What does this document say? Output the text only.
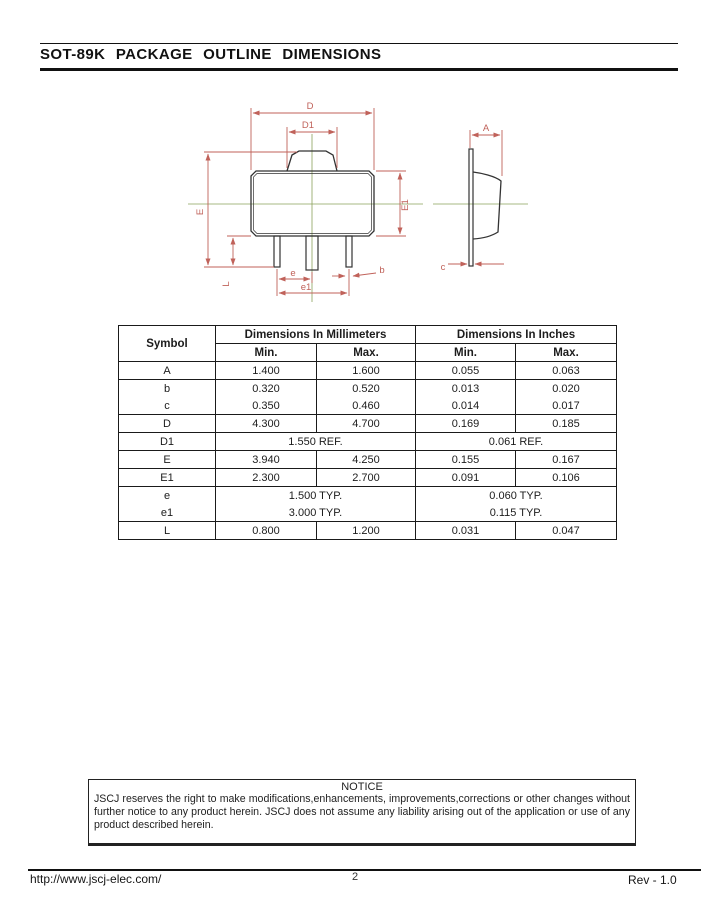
SOT-89K PACKAGE OUTLINE DIMENSIONS
D
D1
E
L
E1
e
e1
b
A
c
Symbol	Dimensions In Millimeters		Dimensions In Inches	
	Min.	Max.	Min.	Max.
A	1.400	1.600	0.055	0.063
b	0.320	0.520	0.013	0.020
c	0.350	0.460	0.014	0.017
D	4.300	4.700	0.169	0.185
D1	1.550 REF.		0.061 REF.	
E	3.940	4.250	0.155	0.167
E1	2.300	2.700	0.091	0.106
e	1.500 TYP.		0.060 TYP.	
e1	3.000 TYP.		0.115 TYP.	
L	0.800	1.200	0.031	0.047
NOTICE
JSCJ reserves the right to make modifications,enhancements, improvements,corrections or other changes without further notice to any product herein. JSCJ does not assume any liability arising out of the application or use of any product described herein.
http://www.jscj-elec.com/	2	Rev - 1.0
